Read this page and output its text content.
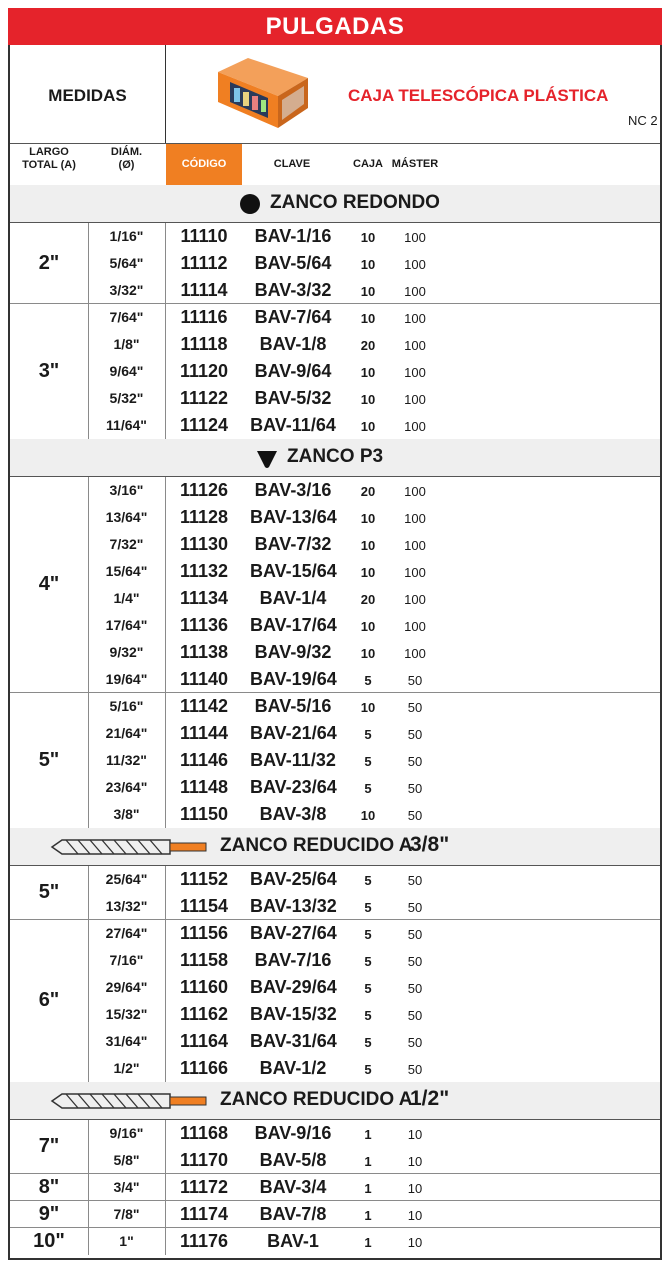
PULGADAS
MEDIDAS	CAJA TELESCÓPICA PLÁSTICA
NC 2
LARGO
TOTAL (A)
DIÁM.
(Ø)	CÓDIGO	CLAVE	CAJA MÁSTER
ZANCO REDONDO
2"
1/16"	11110	BAV-1/16	10	100
5/64"	11112	BAV-5/64	10	100
3/32"	11114	BAV-3/32	10	100
3"
7/64"	11116	BAV-7/64	10	100
1/8"	11118	BAV-1/8	20	100
9/64"	11120	BAV-9/64	10	100
5/32"	11122	BAV-5/32	10	100
11/64"	11124	BAV-11/64	10	100
ZANCO P3
4"
3/16"	11126	BAV-3/16	20	100
13/64"	11128	BAV-13/64	10	100
7/32"	11130	BAV-7/32	10	100
15/64"	11132	BAV-15/64	10	100
1/4"	11134	BAV-1/4	20	100
17/64"	11136	BAV-17/64	10	100
9/32"	11138	BAV-9/32	10	100
19/64"	11140	BAV-19/64	5	50
5"
5/16"	11142	BAV-5/16	10	50
21/64"	11144	BAV-21/64	5	50
11/32"	11146	BAV-11/32	5	50
23/64"	11148	BAV-23/64	5	50
3/8"	11150	BAV-3/8	10	50
ZANCO REDUCIDO A
3/8"
5"
25/64"	11152	BAV-25/64	5	50
13/32"	11154	BAV-13/32	5	50
6"
27/64"	11156	BAV-27/64	5	50
7/16"	11158	BAV-7/16	5	50
29/64"	11160	BAV-29/64	5	50
15/32"	11162	BAV-15/32	5	50
31/64"	11164	BAV-31/64	5	50
1/2"	11166	BAV-1/2	5	50
ZANCO REDUCIDO A
1/2"
7"
9/16"	11168	BAV-9/16	1	10
5/8"	11170	BAV-5/8	1	10
8"	3/4"	11172	BAV-3/4	1	10
9"	7/8"	11174	BAV-7/8	1	10
10"	1"	11176	BAV-1	1	10
